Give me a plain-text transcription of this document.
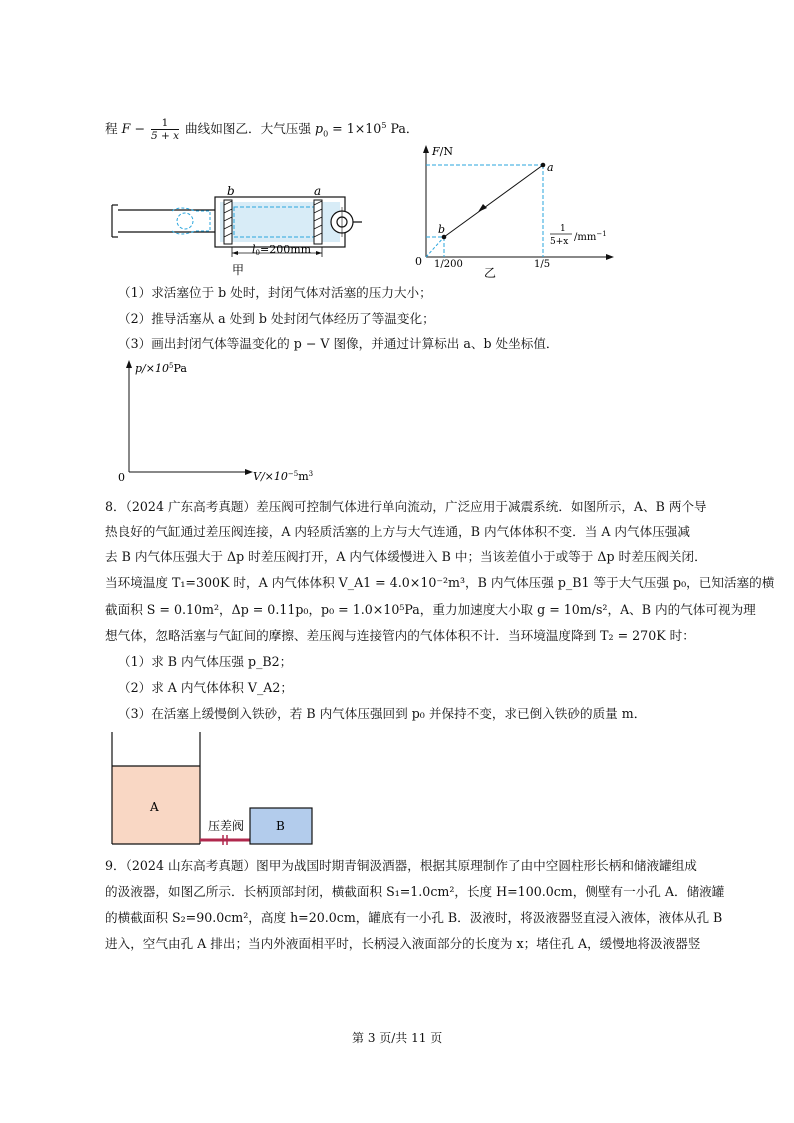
程 $F - \frac{1}{5 + x}$ 曲线如图乙．大气压强 $p_0 = 1\times 10^5$ Pa．
b	a
l0=200mm
甲
F/N
a
b
0 1/200	1/5
1
5+x $/mm^{-1}$
乙
（1）求活塞位于 b 处时，封闭气体对活塞的压力大小；
（2）推导活塞从 a 处到 b 处封闭气体经历了等温变化；
（3）画出封闭气体等温变化的 p − V 图像，并通过计算标出 a、b 处坐标值．
$p/\times 10^5Pa$
0	$V/\times 10^{-5}m^3$
8．（2024 广东高考真题）差压阀可控制气体进行单向流动，广泛应用于减震系统．如图所示，A、B 两个导
热良好的气缸通过差压阀连接，A 内轻质活塞的上方与大气连通，B 内气体体积不变．当 A 内气体压强减
去 B 内气体压强大于 Δp 时差压阀打开，A 内气体缓慢进入 B 中；当该差值小于或等于 Δp 时差压阀关闭．
当环境温度 T₁=300K 时，A 内气体体积 V_A1 = 4.0×10⁻²m³，B 内气体压强 p_B1 等于大气压强 p₀，已知活塞的横
截面积 S = 0.10m²，Δp = 0.11p₀，p₀ = 1.0×10⁵Pa，重力加速度大小取 g = 10m/s²，A、B 内的气体可视为理
想气体，忽略活塞与气缸间的摩擦、差压阀与连接管内的气体体积不计．当环境温度降到 T₂ = 270K 时：
（1）求 B 内气体压强 p_B2；
（2）求 A 内气体体积 V_A2；
（3）在活塞上缓慢倒入铁砂，若 B 内气体压强回到 p₀ 并保持不变，求已倒入铁砂的质量 m．
A
压差阀	B
9．（2024 山东高考真题）图甲为战国时期青铜汲酒器，根据其原理制作了由中空圆柱形长柄和储液罐组成
的汲液器，如图乙所示．长柄顶部封闭，横截面积 S₁=1.0cm²，长度 H=100.0cm，侧壁有一小孔 A．储液罐
的横截面积 S₂=90.0cm²，高度 h=20.0cm，罐底有一小孔 B．汲液时，将汲液器竖直浸入液体，液体从孔 B
进入，空气由孔 A 排出；当内外液面相平时，长柄浸入液面部分的长度为 x；堵住孔 A，缓慢地将汲液器竖
第 3 页/共 11 页
